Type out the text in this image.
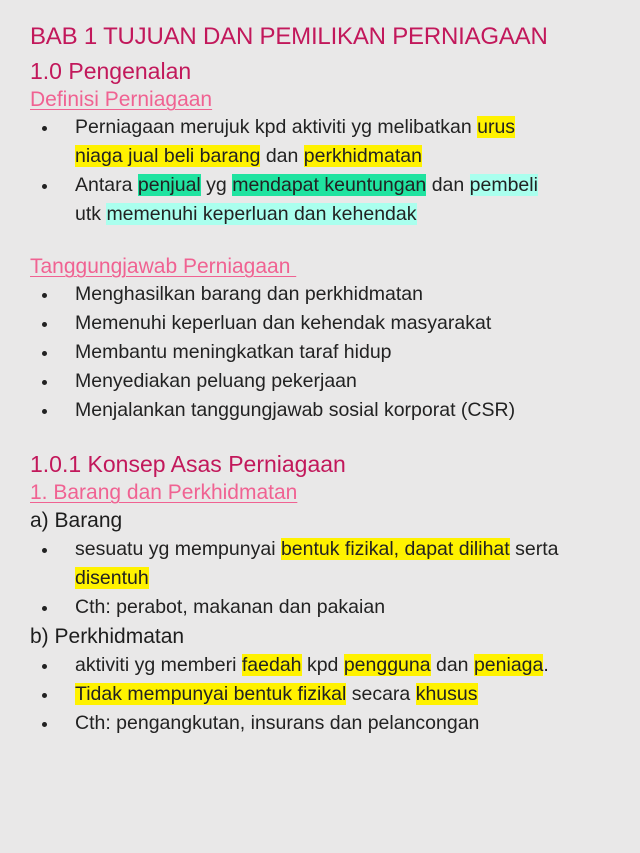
BAB 1 TUJUAN DAN PEMILIKAN PERNIAGAAN
1.0 Pengenalan
Definisi Perniagaan
Perniagaan merujuk kpd aktiviti yg melibatkan urus
niaga jual beli barang dan perkhidmatan
Antara penjual yg mendapat keuntungan dan pembeli
utk memenuhi keperluan dan kehendak
Tanggungjawab Perniagaan
Menghasilkan barang dan perkhidmatan
Memenuhi keperluan dan kehendak masyarakat
Membantu meningkatkan taraf hidup
Menyediakan peluang pekerjaan
Menjalankan tanggungjawab sosial korporat (CSR)
1.0.1 Konsep Asas Perniagaan
1. Barang dan Perkhidmatan
a) Barang
sesuatu yg mempunyai bentuk fizikal, dapat dilihat serta
disentuh
Cth: perabot, makanan dan pakaian
b) Perkhidmatan
aktiviti yg memberi faedah kpd pengguna dan peniaga.
Tidak mempunyai bentuk fizikal secara khusus
Cth: pengangkutan, insurans dan pelancongan
